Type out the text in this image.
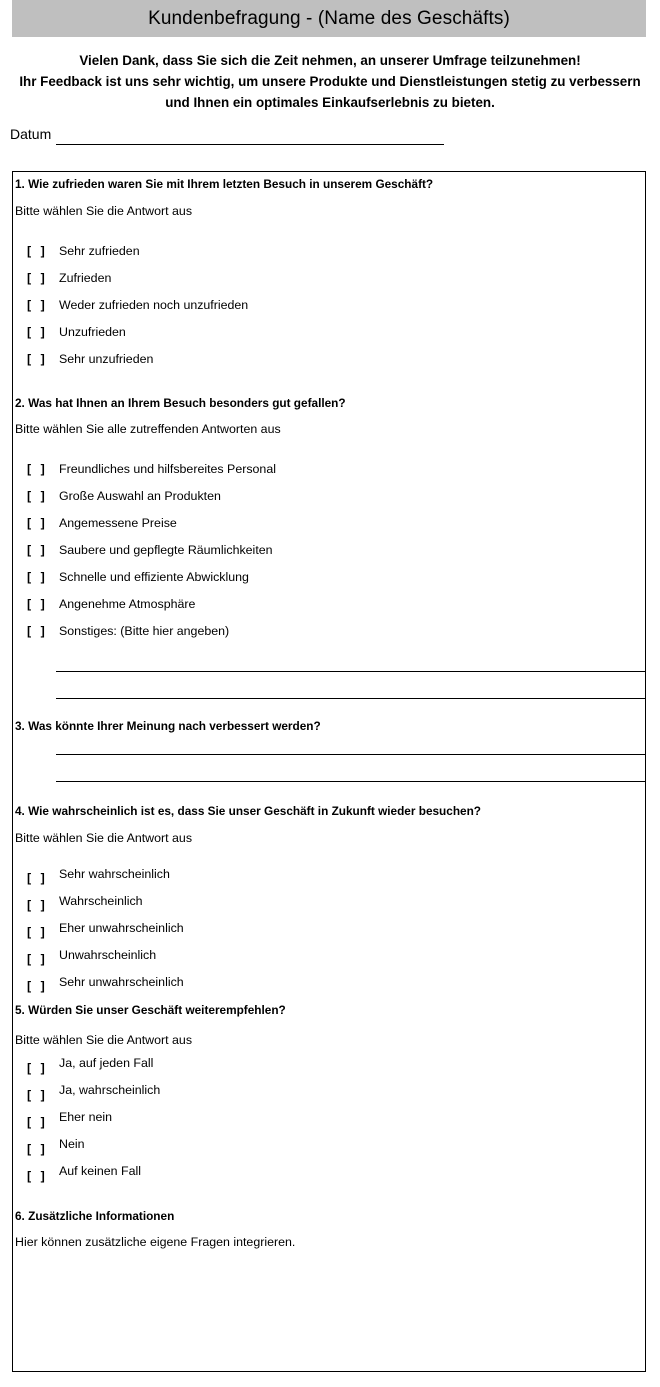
Kundenbefragung - (Name des Geschäfts)
Vielen Dank, dass Sie sich die Zeit nehmen, an unserer Umfrage teilzunehmen!
Ihr Feedback ist uns sehr wichtig, um unsere Produkte und Dienstleistungen stetig zu verbessern
und Ihnen ein optimales Einkaufserlebnis zu bieten.
Datum
1. Wie zufrieden waren Sie mit Ihrem letzten Besuch in unserem Geschäft?
Bitte wählen Sie die Antwort aus
[ ] Sehr zufrieden
[ ] Zufrieden
[ ] Weder zufrieden noch unzufrieden
[ ] Unzufrieden
[ ] Sehr unzufrieden
2. Was hat Ihnen an Ihrem Besuch besonders gut gefallen?
Bitte wählen Sie alle zutreffenden Antworten aus
[ ] Freundliches und hilfsbereites Personal
[ ] Große Auswahl an Produkten
[ ] Angemessene Preise
[ ] Saubere und gepflegte Räumlichkeiten
[ ] Schnelle und effiziente Abwicklung
[ ] Angenehme Atmosphäre
[ ] Sonstiges: (Bitte hier angeben)
3. Was könnte Ihrer Meinung nach verbessert werden?
4. Wie wahrscheinlich ist es, dass Sie unser Geschäft in Zukunft wieder besuchen?
Bitte wählen Sie die Antwort aus
[ ] Sehr wahrscheinlich
[ ] Wahrscheinlich
[ ] Eher unwahrscheinlich
[ ] Unwahrscheinlich
[ ] Sehr unwahrscheinlich
5. Würden Sie unser Geschäft weiterempfehlen?
Bitte wählen Sie die Antwort aus
[ ] Ja, auf jeden Fall
[ ] Ja, wahrscheinlich
[ ] Eher nein
[ ] Nein
[ ] Auf keinen Fall
6. Zusätzliche Informationen
Hier können zusätzliche eigene Fragen integrieren.
